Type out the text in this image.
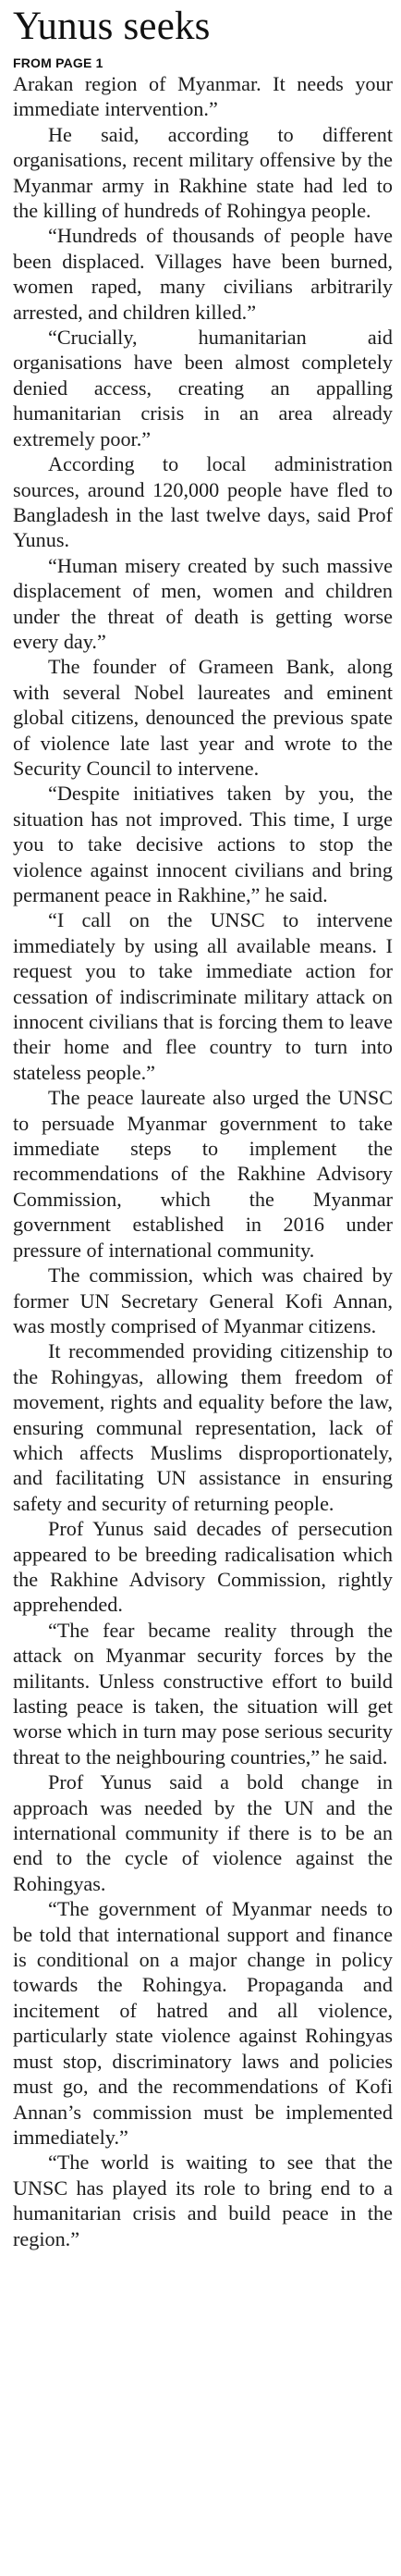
Yunus seeks
FROM PAGE 1

Arakan region of Myanmar. It needs your immediate intervention.”

He said, according to different organisations, recent military offensive by the Myanmar army in Rakhine state had led to the killing of hundreds of Rohingya people.

“Hundreds of thousands of people have been displaced. Villages have been burned, women raped, many civilians arbitrarily arrested, and children killed.”

“Crucially, humanitarian aid organisations have been almost completely denied access, creating an appalling humanitarian crisis in an area already extremely poor.”

According to local administration sources, around 120,000 people have fled to Bangladesh in the last twelve days, said Prof Yunus.

“Human misery created by such massive displacement of men, women and children under the threat of death is getting worse every day.”

The founder of Grameen Bank, along with several Nobel laureates and eminent global citizens, denounced the previous spate of violence late last year and wrote to the Security Council to intervene.

“Despite initiatives taken by you, the situation has not improved. This time, I urge you to take decisive actions to stop the violence against innocent civilians and bring permanent peace in Rakhine,” he said.

“I call on the UNSC to intervene immediately by using all available means. I request you to take immediate action for cessation of indiscriminate military attack on innocent civilians that is forcing them to leave their home and flee country to turn into stateless people.”

The peace laureate also urged the UNSC to persuade Myanmar government to take immediate steps to implement the recommendations of the Rakhine Advisory Commission, which the Myanmar government established in 2016 under pressure of international community.

The commission, which was chaired by former UN Secretary General Kofi Annan, was mostly comprised of Myanmar citizens.

It recommended providing citizenship to the Rohingyas, allowing them freedom of movement, rights and equality before the law, ensuring communal representation, lack of which affects Muslims disproportionately, and facilitating UN assistance in ensuring safety and security of returning people.

Prof Yunus said decades of persecution appeared to be breeding radicalisation which the Rakhine Advisory Commission, rightly apprehended.

“The fear became reality through the attack on Myanmar security forces by the militants. Unless constructive effort to build lasting peace is taken, the situation will get worse which in turn may pose serious security threat to the neighbouring countries,” he said.

Prof Yunus said a bold change in approach was needed by the UN and the international community if there is to be an end to the cycle of violence against the Rohingyas.

“The government of Myanmar needs to be told that international support and finance is conditional on a major change in policy towards the Rohingya. Propaganda and incitement of hatred and all violence, particularly state violence against Rohingyas must stop, discriminatory laws and policies must go, and the recommendations of Kofi Annan’s commission must be implemented immediately.”

“The world is waiting to see that the UNSC has played its role to bring end to a humanitarian crisis and build peace in the region.”
